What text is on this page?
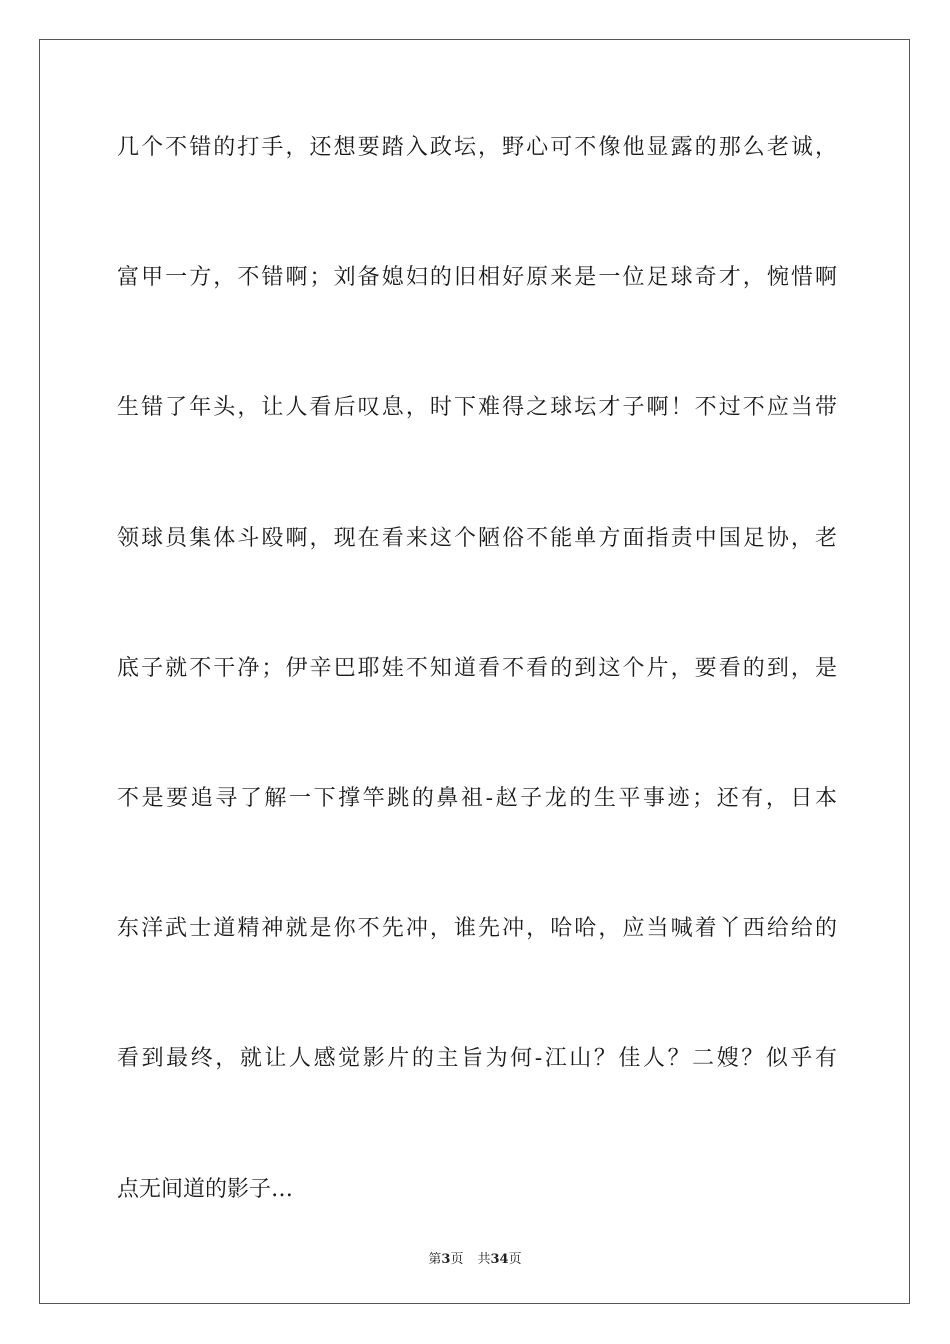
几个不错的打手，还想要踏入政坛，野心可不像他显露的那么老诚，
富甲一方，不错啊；刘备媳妇的旧相好原来是一位足球奇才，惋惜啊
生错了年头，让人看后叹息，时下难得之球坛才子啊！不过不应当带
领球员集体斗殴啊，现在看来这个陋俗不能单方面指责中国足协，老
底子就不干净；伊辛巴耶娃不知道看不看的到这个片，要看的到，是
不是要追寻了解一下撑竿跳的鼻祖-赵子龙的生平事迹；还有，日本
东洋武士道精神就是你不先冲，谁先冲，哈哈，应当喊着丫西给给的
看到最终，就让人感觉影片的主旨为何-江山？佳人？二嫂？似乎有
点无间道的影子…
第3页 共34页
